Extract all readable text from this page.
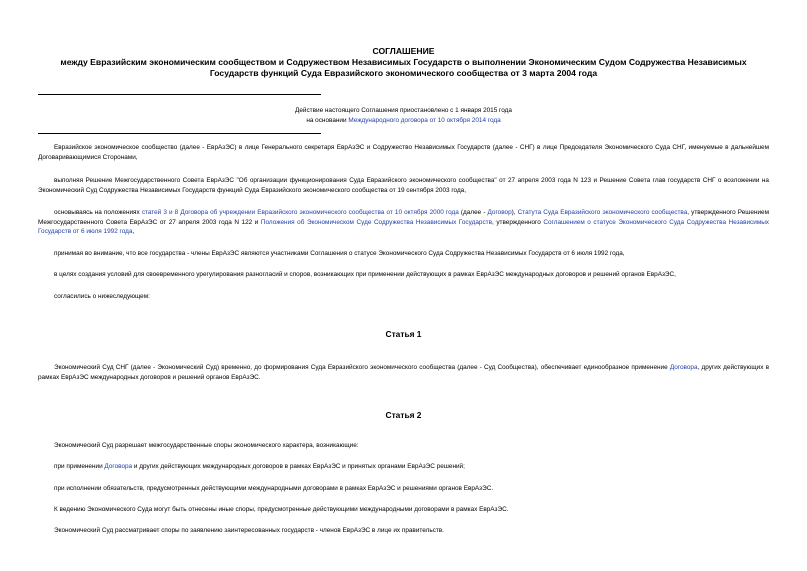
СОГЛАШЕНИЕ
между Евразийским экономическим сообществом и Содружеством Независимых Государств о выполнении Экономическим Судом Содружества Независимых
Государств функций Суда Евразийского экономического сообщества от 3 марта 2004 года
Действие настоящего Соглашения приостановлено с 1 января 2015 года
на основании Международного договора от 10 октября 2014 года
Евразийское экономическое сообщество (далее - ЕврАзЭС) в лице Генерального секретаря ЕврАзЭС и Содружество Независимых Государств (далее - СНГ) в лице Председателя Экономического Суда СНГ, именуемые в дальнейшем Договаривающимися Сторонами,
выполняя Решение Межгосударственного Совета ЕврАзЭС "Об организации функционирования Суда Евразийского экономического сообщества" от 27 апреля 2003 года N 123 и Решение Совета глав государств СНГ о возложении на Экономический Суд Содружества Независимых Государств функций Суда Евразийского экономического сообщества от 19 сентября 2003 года,
основываясь на положениях статей 3 и 8 Договора об учреждении Евразийского экономического сообщества от 10 октября 2000 года (далее - Договор), Статута Суда Евразийского экономического сообщества, утвержденного Решением Межгосударственного Совета ЕврАзЭС от 27 апреля 2003 года N 122 и Положения об Экономическом Суде Содружества Независимых Государств, утвержденного Соглашением о статусе Экономического Суда Содружества Независимых Государств от 6 июля 1992 года,
принимая во внимание, что все государства - члены ЕврАзЭС являются участниками Соглашения о статусе Экономического Суда Содружества Независимых Государств от 6 июля 1992 года,
в целях создания условий для своевременного урегулирования разногласий и споров, возникающих при применении действующих в рамках ЕврАзЭС международных договоров и решений органов ЕврАзЭС,
согласились о нижеследующем:
Статья 1
Экономический Суд СНГ (далее - Экономический Суд) временно, до формирования Суда Евразийского экономического сообщества (далее - Суд Сообщества), обеспечивает единообразное применение Договора, других действующих в рамках ЕврАзЭС международных договоров и решений органов ЕврАзЭС.
Статья 2
Экономический Суд разрешает межгосударственные споры экономического характера, возникающие:
при применении Договора и других действующих международных договоров в рамках ЕврАзЭС и принятых органами ЕврАзЭС решений;
при исполнении обязательств, предусмотренных действующими международными договорами в рамках ЕврАзЭС и решениями органов ЕврАзЭС.
К ведению Экономического Суда могут быть отнесены иные споры, предусмотренные действующими международными договорами в рамках ЕврАзЭС.
Экономический Суд рассматривает споры по заявлению заинтересованных государств - членов ЕврАзЭС в лице их правительств.
